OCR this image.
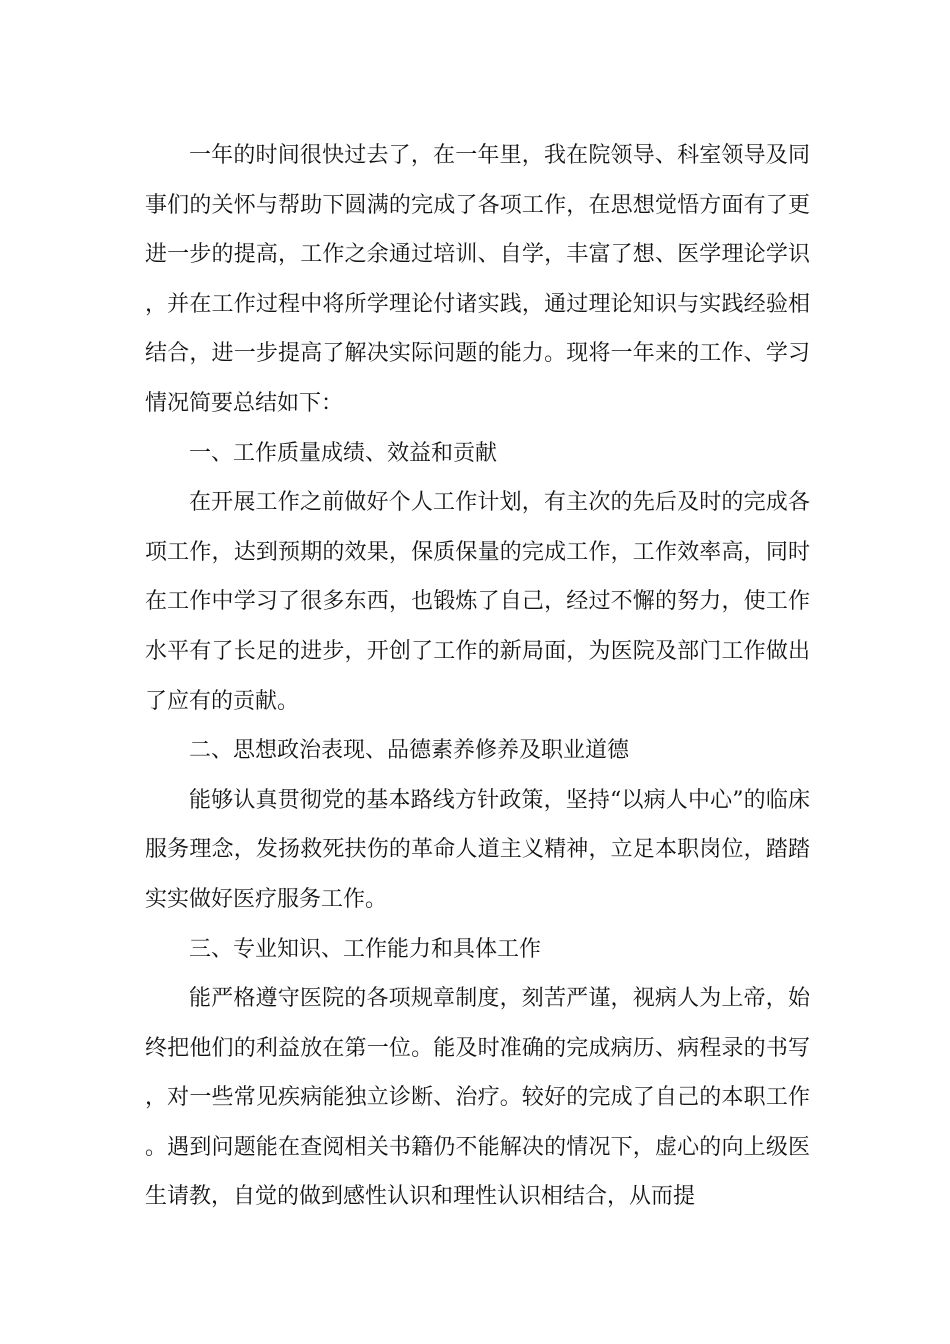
一年的时间很快过去了，在一年里，我在院领导、科室领导及同事们的关怀与帮助下圆满的完成了各项工作，在思想觉悟方面有了更进一步的提高，工作之余通过培训、自学，丰富了想、医学理论学识，并在工作过程中将所学理论付诸实践，通过理论知识与实践经验相结合，进一步提高了解决实际问题的能力。现将一年来的工作、学习情况简要总结如下：

一、工作质量成绩、效益和贡献

在开展工作之前做好个人工作计划，有主次的先后及时的完成各项工作，达到预期的效果，保质保量的完成工作，工作效率高，同时在工作中学习了很多东西，也锻炼了自己，经过不懈的努力，使工作水平有了长足的进步，开创了工作的新局面，为医院及部门工作做出了应有的贡献。

二、思想政治表现、品德素养修养及职业道德

能够认真贯彻党的基本路线方针政策，坚持“以病人中心”的临床服务理念，发扬救死扶伤的革命人道主义精神，立足本职岗位，踏踏实实做好医疗服务工作。

三、专业知识、工作能力和具体工作

能严格遵守医院的各项规章制度，刻苦严谨，视病人为上帝，始终把他们的利益放在第一位。能及时准确的完成病历、病程录的书写，对一些常见疾病能独立诊断、治疗。较好的完成了自己的本职工作。遇到问题能在查阅相关书籍仍不能解决的情况下，虚心的向上级医生请教，自觉的做到感性认识和理性认识相结合，从而提
